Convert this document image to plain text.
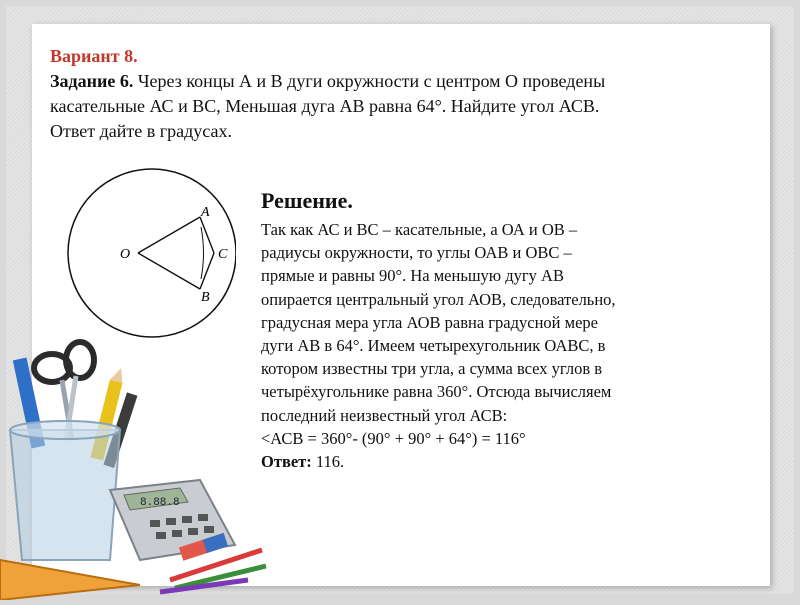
Вариант 8.
Задание 6. Через концы А и В дуги окружности с центром О проведены
касательные АС и ВС, Меньшая дуга АВ равна 64°. Найдите угол АСВ.
Ответ дайте в градусах.
O
A
B
C
Решение.
Так как АС и ВС – касательные, а ОА и ОВ –
радиусы окружности, то углы ОАВ и ОВС –
прямые и равны 90°. На меньшую дугу АВ
опирается центральный угол АОВ, следовательно,
градусная мера угла АОВ равна градусной мере
дуги АВ в 64°. Имеем четырехугольник ОАВС, в
котором известны три угла, а сумма всех углов в
четырёхугольнике равна 360°. Отсюда вычисляем
последний неизвестный угол АСВ:
<АСВ = 360°- (90° + 90° + 64°) = 116°
Ответ: 116.
8.88.8
